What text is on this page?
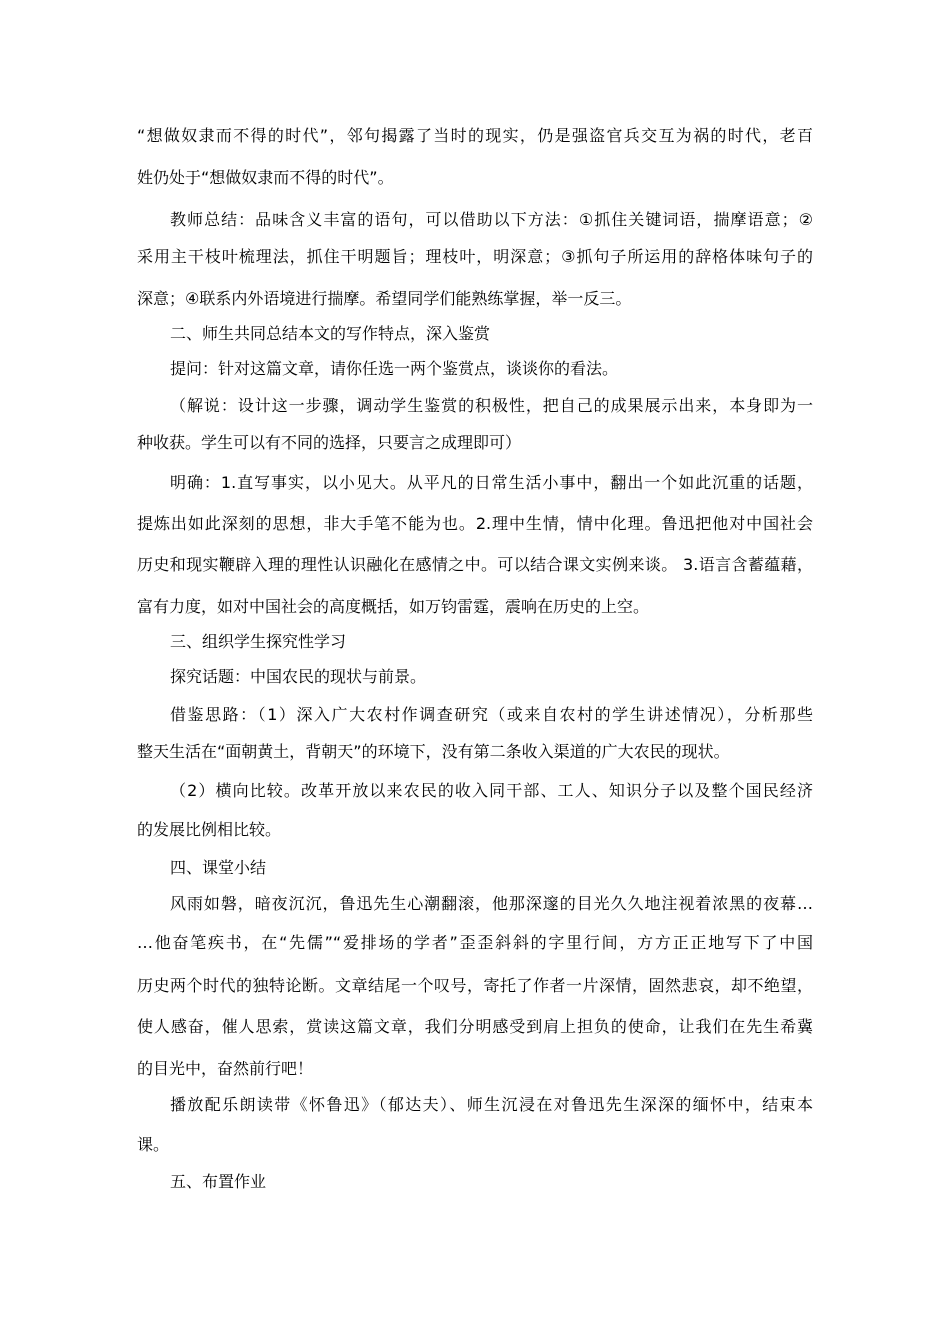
“想做奴隶而不得的时代”，邻句揭露了当时的现实，仍是强盗官兵交互为祸的时代，老百
姓仍处于“想做奴隶而不得的时代”。
教师总结：品味含义丰富的语句，可以借助以下方法：①抓住关键词语，揣摩语意；②
采用主干枝叶梳理法，抓住干明题旨；理枝叶，明深意；③抓句子所运用的辞格体味句子的
深意；④联系内外语境进行揣摩。希望同学们能熟练掌握，举一反三。
二、师生共同总结本文的写作特点，深入鉴赏
提问：针对这篇文章，请你任选一两个鉴赏点，谈谈你的看法。
（解说：设计这一步骤，调动学生鉴赏的积极性，把自己的成果展示出来，本身即为一
种收获。学生可以有不同的选择，只要言之成理即可）
明确：1.直写事实，以小见大。从平凡的日常生活小事中，翻出一个如此沉重的话题，
提炼出如此深刻的思想，非大手笔不能为也。2.理中生情，情中化理。鲁迅把他对中国社会
历史和现实鞭辟入理的理性认识融化在感情之中。可以结合课文实例来谈。 3.语言含蓄蕴藉，
富有力度，如对中国社会的高度概括，如万钧雷霆，震响在历史的上空。
三、组织学生探究性学习
探究话题：中国农民的现状与前景。
借鉴思路：（1）深入广大农村作调查研究（或来自农村的学生讲述情况），分析那些
整天生活在“面朝黄土，背朝天”的环境下，没有第二条收入渠道的广大农民的现状。
（2）横向比较。改革开放以来农民的收入同干部、工人、知识分子以及整个国民经济
的发展比例相比较。
四、课堂小结
风雨如磐，暗夜沉沉，鲁迅先生心潮翻滚，他那深邃的目光久久地注视着浓黑的夜幕…
…他奋笔疾书，在“先儒”“爱排场的学者”歪歪斜斜的字里行间，方方正正地写下了中国
历史两个时代的独特论断。文章结尾一个叹号，寄托了作者一片深情，固然悲哀，却不绝望，
使人感奋，催人思索，赏读这篇文章，我们分明感受到肩上担负的使命，让我们在先生希冀
的目光中，奋然前行吧！
播放配乐朗读带《怀鲁迅》（郁达夫）、师生沉浸在对鲁迅先生深深的缅怀中，结束本
课。
五、布置作业
